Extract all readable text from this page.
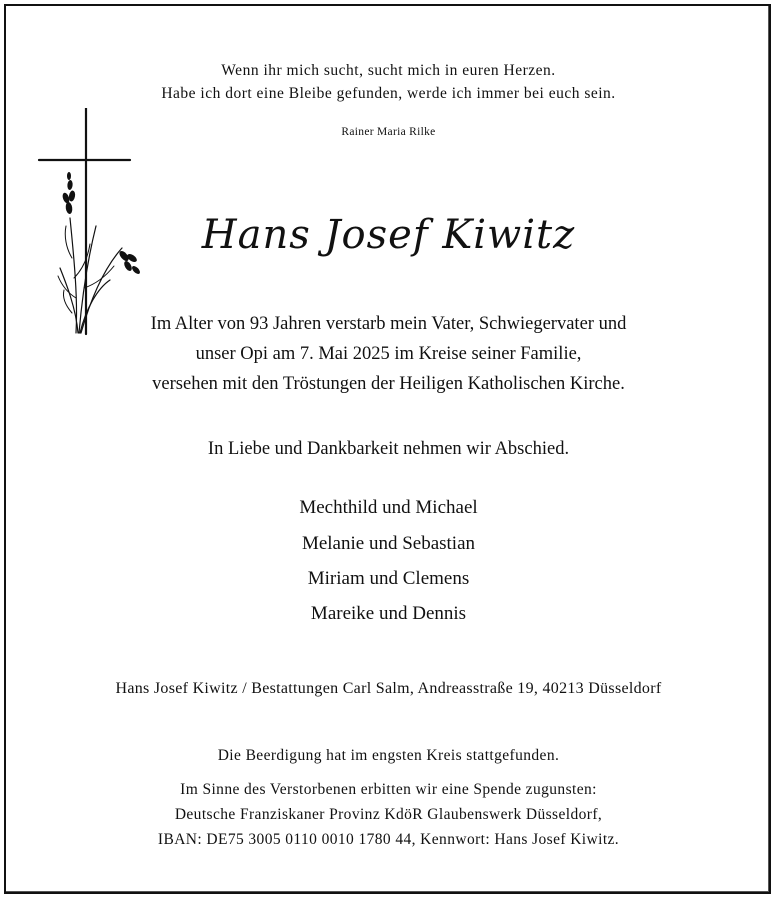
Wenn ihr mich sucht, sucht mich in euren Herzen.
Habe ich dort eine Bleibe gefunden, werde ich immer bei euch sein.
Rainer Maria Rilke
Hans Josef Kiwitz
Im Alter von 93 Jahren verstarb mein Vater, Schwiegervater und
unser Opi am 7. Mai 2025 im Kreise seiner Familie,
versehen mit den Tröstungen der Heiligen Katholischen Kirche.
In Liebe und Dankbarkeit nehmen wir Abschied.
Mechthild und Michael
Melanie und Sebastian
Miriam und Clemens
Mareike und Dennis
Hans Josef Kiwitz / Bestattungen Carl Salm, Andreasstraße 19, 40213 Düsseldorf
Die Beerdigung hat im engsten Kreis stattgefunden.
Im Sinne des Verstorbenen erbitten wir eine Spende zugunsten:
Deutsche Franziskaner Provinz KdöR Glaubenswerk Düsseldorf,
IBAN: DE75 3005 0110 0010 1780 44, Kennwort: Hans Josef Kiwitz.
